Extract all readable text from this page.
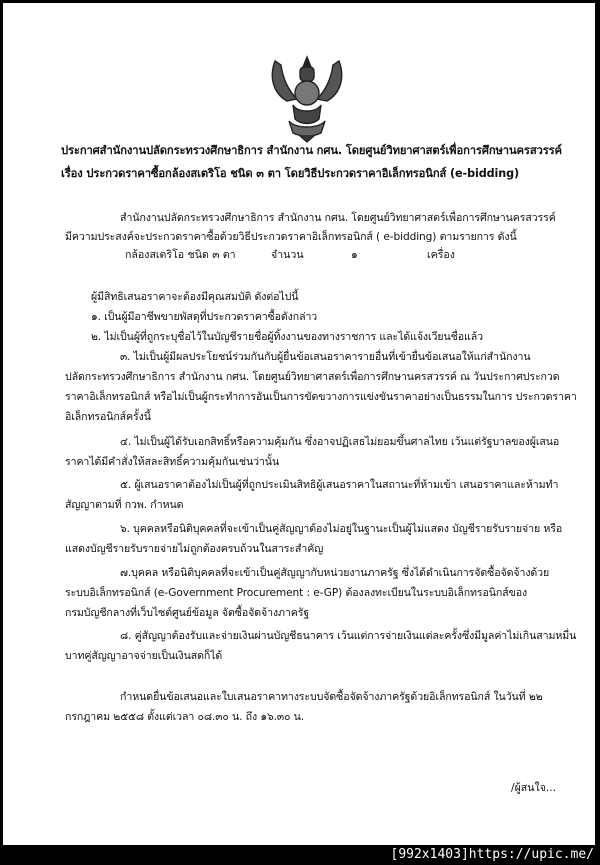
ประกาศสำนักงานปลัดกระทรวงศึกษาธิการ สำนักงาน กศน. โดยศูนย์วิทยาศาสตร์เพื่อการศึกษานครสวรรค์
เรื่อง ประกวดราคาซื้อกล้องสเตริโอ ชนิด ๓ ตา โดยวิธีประกวดราคาอิเล็กทรอนิกส์ (e-bidding)
สำนักงานปลัดกระทรวงศึกษาธิการ สำนักงาน กศน. โดยศูนย์วิทยาศาสตร์เพื่อการศึกษานครสวรรค์
มีความประสงค์จะประกวดราคาซื้อด้วยวิธีประกวดราคาอิเล็กทรอนิกส์ ( e-bidding) ตามรายการ ดังนี้
กล้องสเตริโอ ชนิด ๓ ตา	จำนวน	๑	เครื่อง
ผู้มีสิทธิเสนอราคาจะต้องมีคุณสมบัติ ดังต่อไปนี้
๑. เป็นผู้มีอาชีพขายพัสดุที่ประกวดราคาซื้อดังกล่าว
๒. ไม่เป็นผู้ที่ถูกระบุชื่อไว้ในบัญชีรายชื่อผู้ทิ้งงานของทางราชการ และได้แจ้งเวียนชื่อแล้ว
๓. ไม่เป็นผู้มีผลประโยชน์ร่วมกันกับผู้ยื่นข้อเสนอราคารายอื่นที่เข้ายื่นข้อเสนอให้แก่สำนักงาน
ปลัดกระทรวงศึกษาธิการ สำนักงาน กศน. โดยศูนย์วิทยาศาสตร์เพื่อการศึกษานครสวรรค์ ณ วันประกาศประกวด
ราคาอิเล็กทรอนิกส์ หรือไม่เป็นผู้กระทำการอันเป็นการขัดขวางการแข่งขันราคาอย่างเป็นธรรมในการ ประกวดราคา
อิเล็กทรอนิกส์ครั้งนี้
๔. ไม่เป็นผู้ได้รับเอกสิทธิ์หรือความคุ้มกัน ซึ่งอาจปฏิเสธไม่ยอมขึ้นศาลไทย เว้นแต่รัฐบาลของผู้เสนอ
ราคาได้มีคำสั่งให้สละสิทธิ์ความคุ้มกันเช่นว่านั้น
๕. ผู้เสนอราคาต้องไม่เป็นผู้ที่ถูกประเมินสิทธิผู้เสนอราคาในสถานะที่ห้ามเข้า เสนอราคาและห้ามทำ
สัญญาตามที่ กวพ. กำหนด
๖. บุคคลหรือนิติบุคคลที่จะเข้าเป็นคู่สัญญาต้องไม่อยู่ในฐานะเป็นผู้ไม่แสดง บัญชีรายรับรายจ่าย หรือ
แสดงบัญชีรายรับรายจ่ายไม่ถูกต้องครบถ้วนในสาระสำคัญ
๗.บุคคล หรือนิติบุคคลที่จะเข้าเป็นคู่สัญญากับหน่วยงานภาครัฐ ซึ่งได้ดำเนินการจัดซื้อจัดจ้างด้วย
ระบบอิเล็กทรอนิกส์ (e-Government Procurement : e-GP) ต้องลงทะเบียนในระบบอิเล็กทรอนิกส์ของ
กรมบัญชีกลางที่เว็บไซต์ศูนย์ข้อมูล จัดซื้อจัดจ้างภาครัฐ
๘. คู่สัญญาต้องรับและจ่ายเงินผ่านบัญชีธนาคาร เว้นแต่การจ่ายเงินแต่ละครั้งซึ่งมีมูลค่าไม่เกินสามหมื่น
บาทคู่สัญญาอาจจ่ายเป็นเงินสดก็ได้
กำหนดยื่นข้อเสนอและใบเสนอราคาทางระบบจัดซื้อจัดจ้างภาครัฐด้วยอิเล็กทรอนิกส์ ในวันที่ ๒๒
กรกฎาคม ๒๕๕๘ ตั้งแต่เวลา ๐๘.๓๐ น. ถึง ๑๖.๓๐ น.
/ผู้สนใจ...
[992x1403]https://upic.me/
